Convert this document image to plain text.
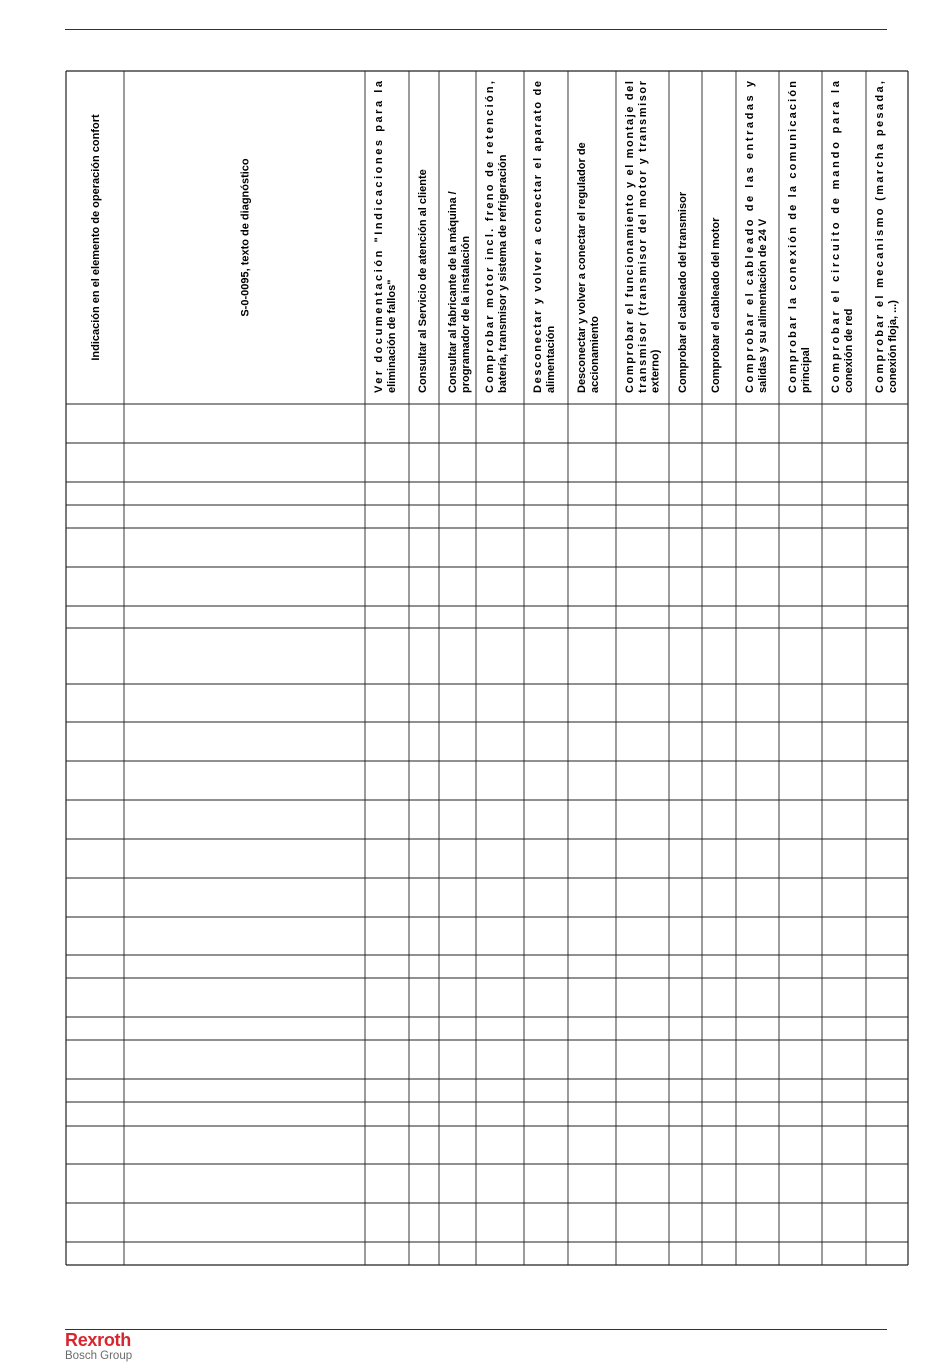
Indicación en el elemento de operación confort	S-0-0095, texto de diagnóstico
Ver documentación "Indicaciones para la
eliminación de fallos" Consultar al Servicio de atención al cliente Consultar al fabricante de la máquina / programador de la instalación Comprobar motor incl. freno de retención,
batería, transmisor y sistema de refrigeración Desconectar y volver a conectar el aparato de
alimentación Desconectar y volver a conectar el regulador de accionamiento Comprobar el funcionamiento y el montaje del
transmisor (transmisor del motor y transmisor
externo) Comprobar el cableado del transmisor Comprobar el cableado del motor Comprobar el cableado de las entradas y
salidas y su alimentación de 24 V Comprobar la conexión de la comunicación
principal Comprobar el circuito de mando para la
conexión de red Comprobar el mecanismo (marcha pesada,
conexión floja, ...)
Rexroth
Bosch Group
